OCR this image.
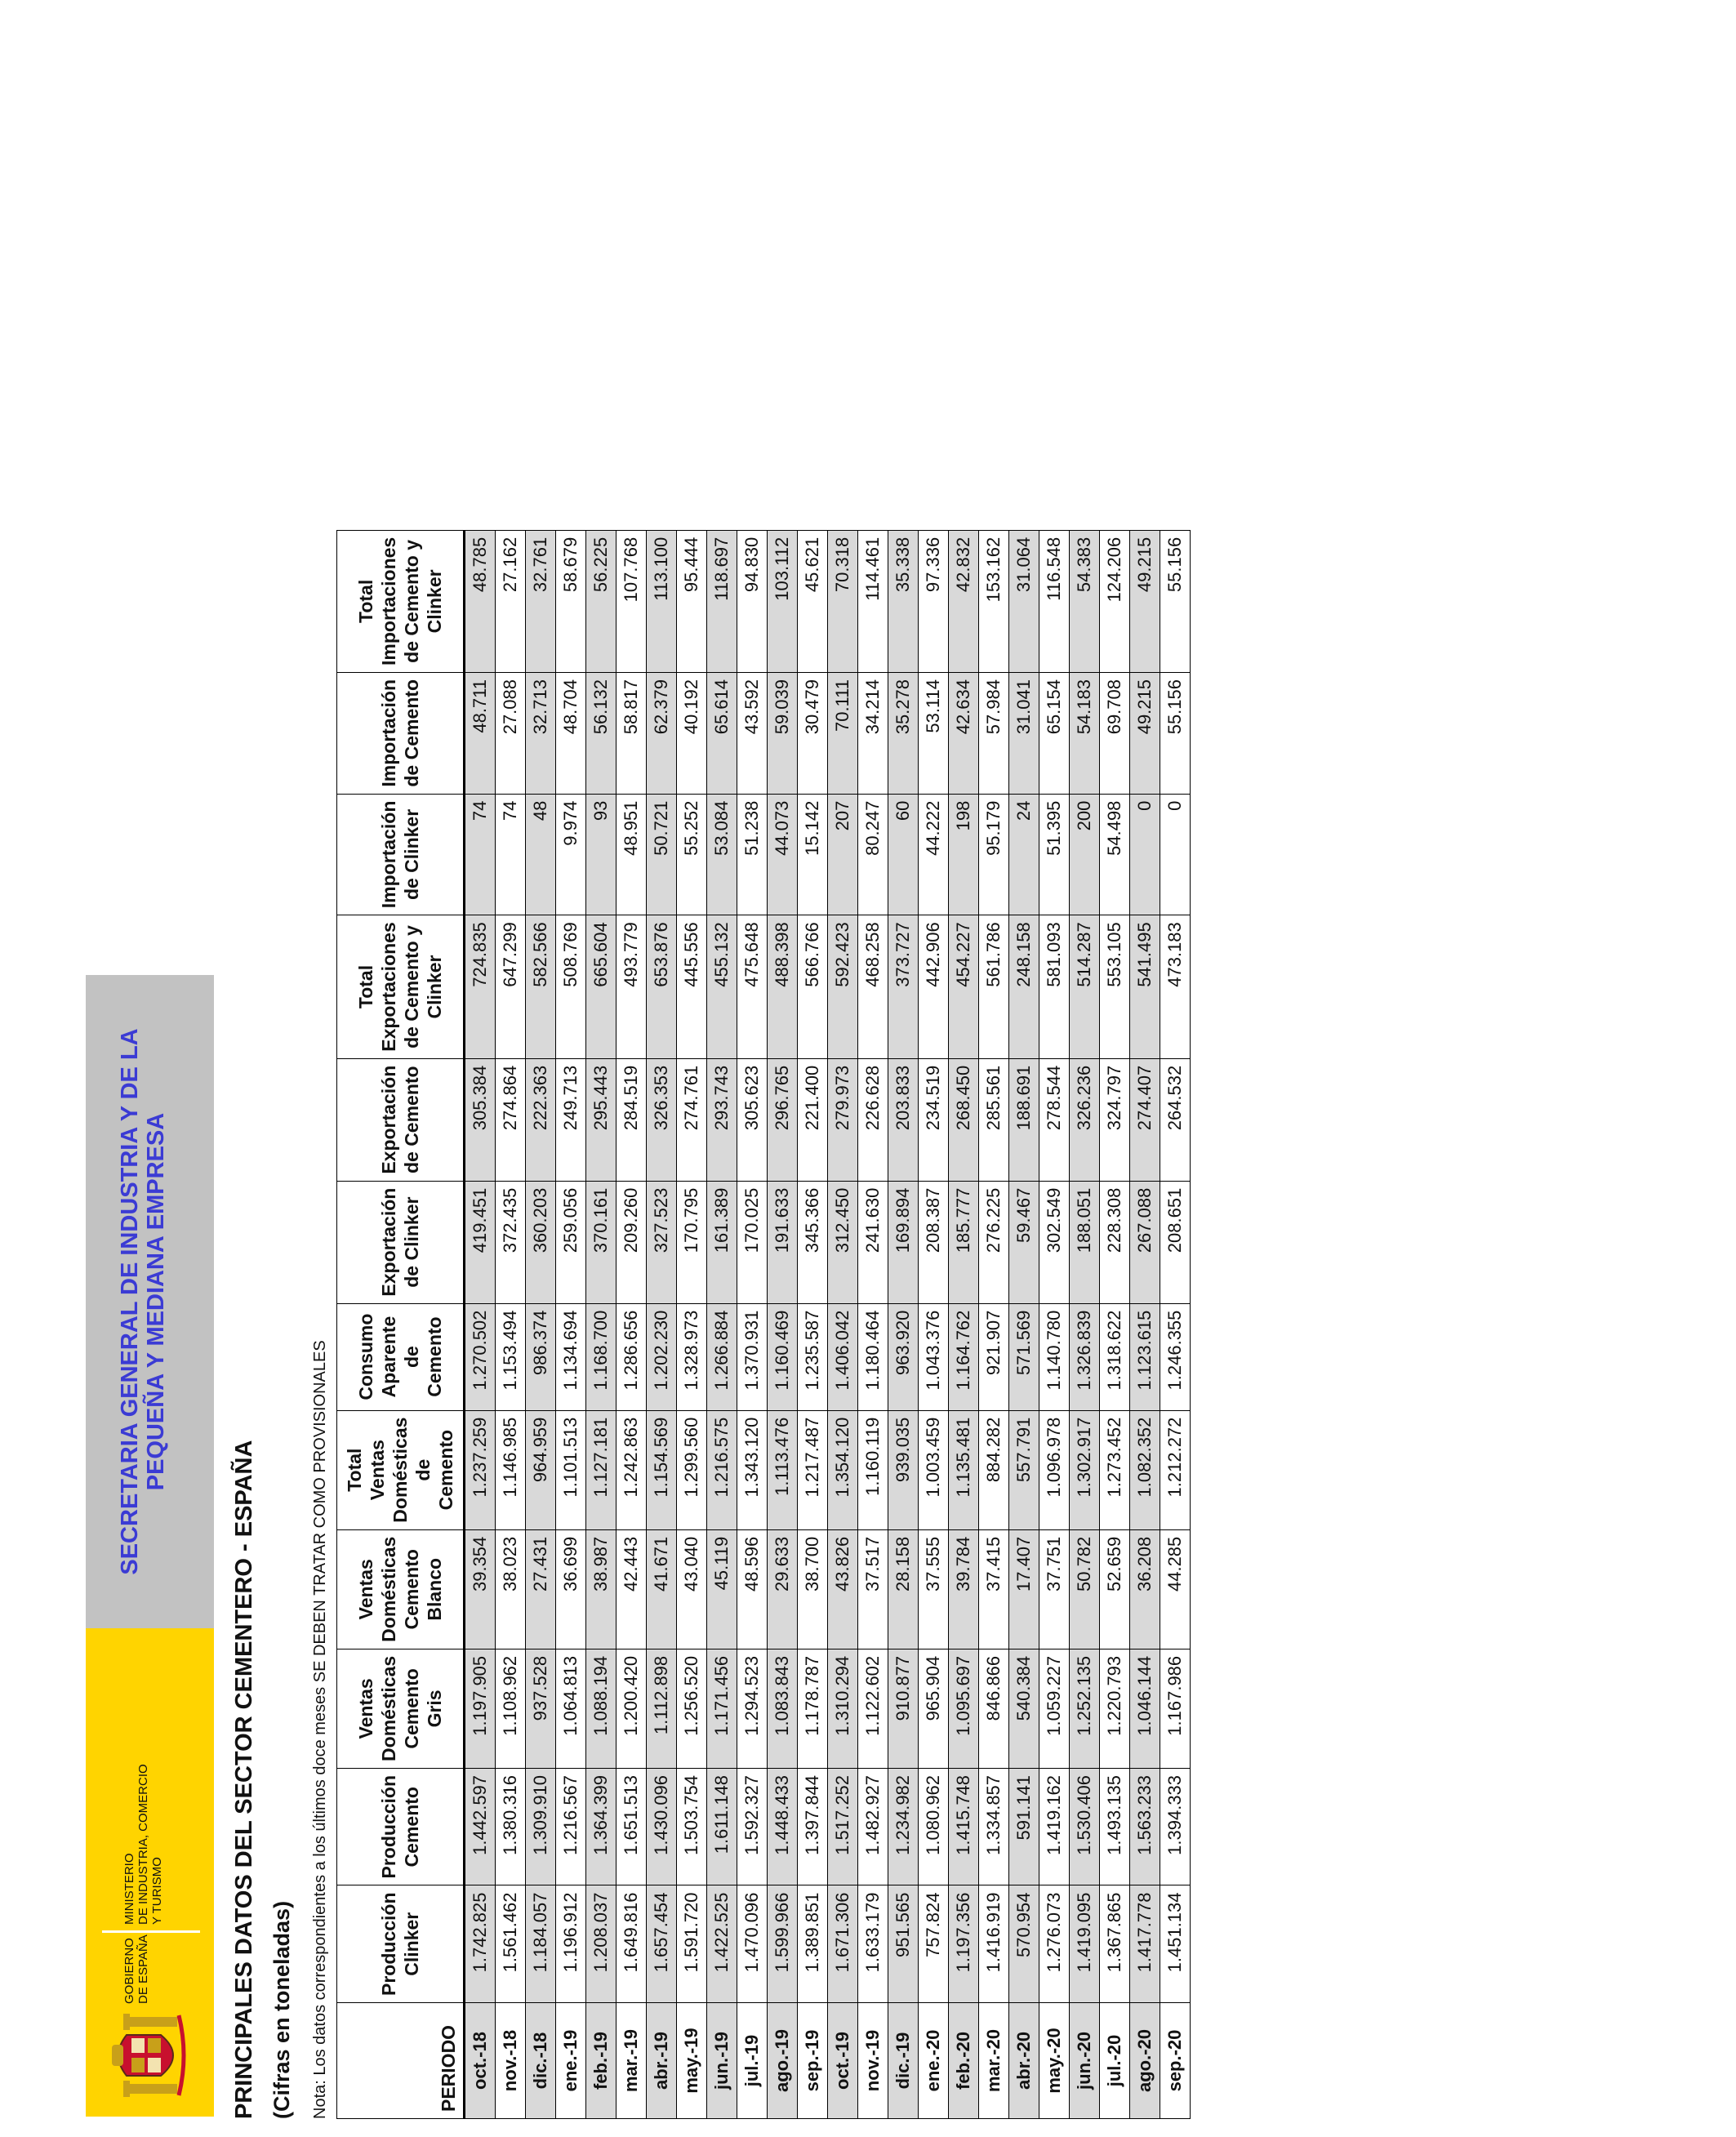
GOBIERNO
DE ESPAÑA
MINISTERIO
DE INDUSTRIA, COMERCIO
Y TURISMO
SECRETARIA GENERAL DE INDUSTRIA Y DE LA
PEQUEÑA Y MEDIANA EMPRESA
PRINCIPALES DATOS DEL SECTOR CEMENTERO - ESPAÑA (Cifras en toneladas) Nota: Los datos correspondientes a los últimos doce meses SE DEBEN TRATAR COMO PROVISIONALES	PERIODO	Producción Clinker	Producción Cemento	Ventas Domésticas Cemento Gris	Ventas Domésticas Cemento Blanco	Total Ventas Domésticas de Cemento	Consumo Aparente de Cemento	Exportación de Clinker	Exportación de Cemento	Total Exportaciones de Cemento y Clinker	Importación de Clinker	Importación de Cemento	Total Importaciones de Cemento y Clinker
oct.-18	1.742.825	1.442.597	1.197.905	39.354	1.237.259	1.270.502	419.451	305.384	724.835	74	48.711	48.785
nov.-18	1.561.462	1.380.316	1.108.962	38.023	1.146.985	1.153.494	372.435	274.864	647.299	74	27.088	27.162
dic.-18	1.184.057	1.309.910	937.528	27.431	964.959	986.374	360.203	222.363	582.566	48	32.713	32.761
ene.-19	1.196.912	1.216.567	1.064.813	36.699	1.101.513	1.134.694	259.056	249.713	508.769	9.974	48.704	58.679
feb.-19	1.208.037	1.364.399	1.088.194	38.987	1.127.181	1.168.700	370.161	295.443	665.604	93	56.132	56.225
mar.-19	1.649.816	1.651.513	1.200.420	42.443	1.242.863	1.286.656	209.260	284.519	493.779	48.951	58.817	107.768
abr.-19	1.657.454	1.430.096	1.112.898	41.671	1.154.569	1.202.230	327.523	326.353	653.876	50.721	62.379	113.100
may.-19	1.591.720	1.503.754	1.256.520	43.040	1.299.560	1.328.973	170.795	274.761	445.556	55.252	40.192	95.444
jun.-19	1.422.525	1.611.148	1.171.456	45.119	1.216.575	1.266.884	161.389	293.743	455.132	53.084	65.614	118.697
jul.-19	1.470.096	1.592.327	1.294.523	48.596	1.343.120	1.370.931	170.025	305.623	475.648	51.238	43.592	94.830
ago.-19	1.599.966	1.448.433	1.083.843	29.633	1.113.476	1.160.469	191.633	296.765	488.398	44.073	59.039	103.112
sep.-19	1.389.851	1.397.844	1.178.787	38.700	1.217.487	1.235.587	345.366	221.400	566.766	15.142	30.479	45.621
oct.-19	1.671.306	1.517.252	1.310.294	43.826	1.354.120	1.406.042	312.450	279.973	592.423	207	70.111	70.318
nov.-19	1.633.179	1.482.927	1.122.602	37.517	1.160.119	1.180.464	241.630	226.628	468.258	80.247	34.214	114.461
dic.-19	951.565	1.234.982	910.877	28.158	939.035	963.920	169.894	203.833	373.727	60	35.278	35.338
ene.-20	757.824	1.080.962	965.904	37.555	1.003.459	1.043.376	208.387	234.519	442.906	44.222	53.114	97.336
feb.-20	1.197.356	1.415.748	1.095.697	39.784	1.135.481	1.164.762	185.777	268.450	454.227	198	42.634	42.832
mar.-20	1.416.919	1.334.857	846.866	37.415	884.282	921.907	276.225	285.561	561.786	95.179	57.984	153.162
abr.-20	570.954	591.141	540.384	17.407	557.791	571.569	59.467	188.691	248.158	24	31.041	31.064
may.-20	1.276.073	1.419.162	1.059.227	37.751	1.096.978	1.140.780	302.549	278.544	581.093	51.395	65.154	116.548
jun.-20	1.419.095	1.530.406	1.252.135	50.782	1.302.917	1.326.839	188.051	326.236	514.287	200	54.183	54.383
jul.-20	1.367.865	1.493.135	1.220.793	52.659	1.273.452	1.318.622	228.308	324.797	553.105	54.498	69.708	124.206
ago.-20	1.417.778	1.563.233	1.046.144	36.208	1.082.352	1.123.615	267.088	274.407	541.495	0	49.215	49.215
sep.-20	1.451.134	1.394.333	1.167.986	44.285	1.212.272	1.246.355	208.651	264.532	473.183	0	55.156	55.156
